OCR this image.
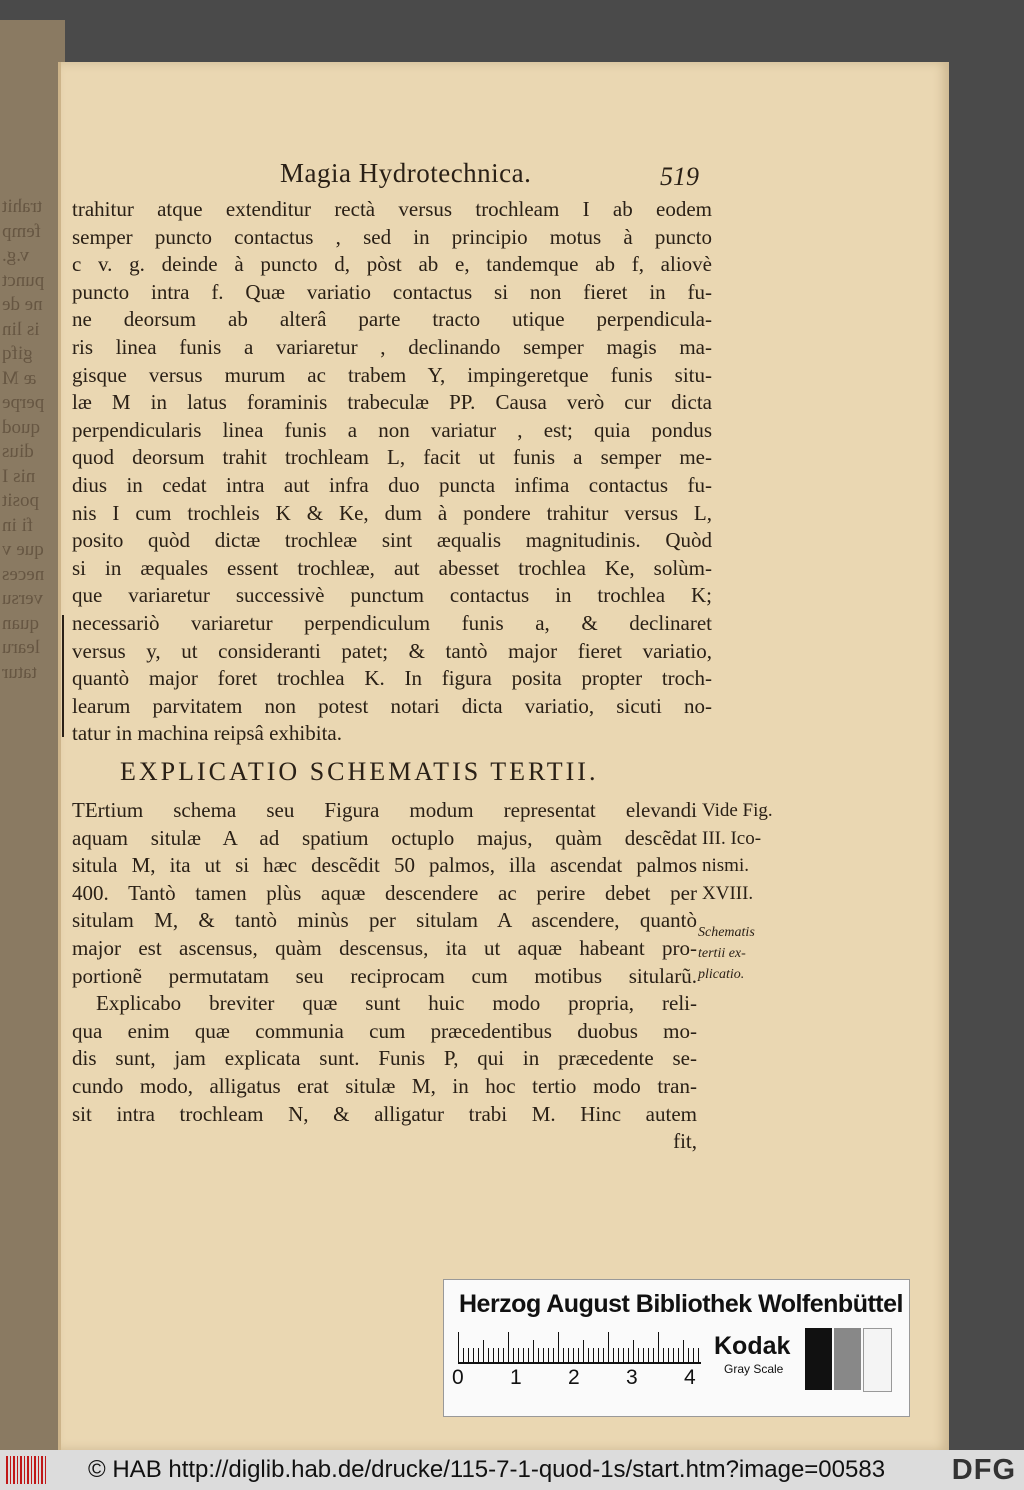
trahit
femp
v.g.
punct
ne de
is lin
gifq
æ M
perpe
quod
dius
nis I
posit
fi in
que v
neces
versu
quan
learu
tatur
Magia Hydrotechnica.	519
trahitur atque extenditur rectà versus trochleam I ab eodem
semper puncto contactus , sed in principio motus à puncto
c v. g. deinde à puncto d, pòst ab e, tandemque ab f, aliovè
puncto intra f. Quæ variatio contactus si non fieret in fu-
ne deorsum ab alterâ parte tracto utique perpendicula-
ris linea funis a variaretur , declinando semper magis ma-
gisque versus murum ac trabem Y, impingeretque funis situ-
læ M in latus foraminis trabeculæ PP. Causa verò cur dicta
perpendicularis linea funis a non variatur , est; quia pondus
quod deorsum trahit trochleam L, facit ut funis a semper me-
dius in cedat intra aut infra duo puncta infima contactus fu-
nis I cum trochleis K & Ke, dum à pondere trahitur versus L,
posito quòd dictæ trochleæ sint æqualis magnitudinis. Quòd
si in æquales essent trochleæ, aut abesset trochlea Ke, solùm-
que variaretur successivè punctum contactus in trochlea K;
necessariò variaretur perpendiculum funis a, & declinaret
versus y, ut consideranti patet; & tantò major fieret variatio,
quantò major foret trochlea K. In figura posita propter troch-
learum parvitatem non potest notari dicta variatio, sicuti no-
tatur in machina reipsâ exhibita.
EXPLICATIO SCHEMATIS TERTII.
TErtium schema seu Figura modum representat elevandi
aquam situlæ A ad spatium octuplo majus, quàm descẽdat
situla M, ita ut si hæc descẽdit 50 palmos, illa ascendat palmos
400. Tantò tamen plùs aquæ descendere ac perire debet per
situlam M, & tantò minùs per situlam A ascendere, quantò
major est ascensus, quàm descensus, ita ut aquæ habeant pro-
portionẽ permutatam seu reciprocam cum motibus sitularũ.
Explicabo breviter quæ sunt huic modo propria, reli-
qua enim quæ communia cum præcedentibus duobus mo-
dis sunt, jam explicata sunt. Funis P, qui in præcedente se-
cundo modo, alligatus erat situlæ M, in hoc tertio modo tran-
sit intra trochleam N, & alligatur trabi M. Hinc autem
fit,
Vide Fig.
III. Ico-
nismi.
XVIII.
Schematis
tertii ex-
plicatio.
Herzog August Bibliothek Wolfenbüttel
0 1 2 3 4
Kodak
Gray Scale
© HAB http://diglib.hab.de/drucke/115-7-1-quod-1s/start.htm?image=00583 DFG
